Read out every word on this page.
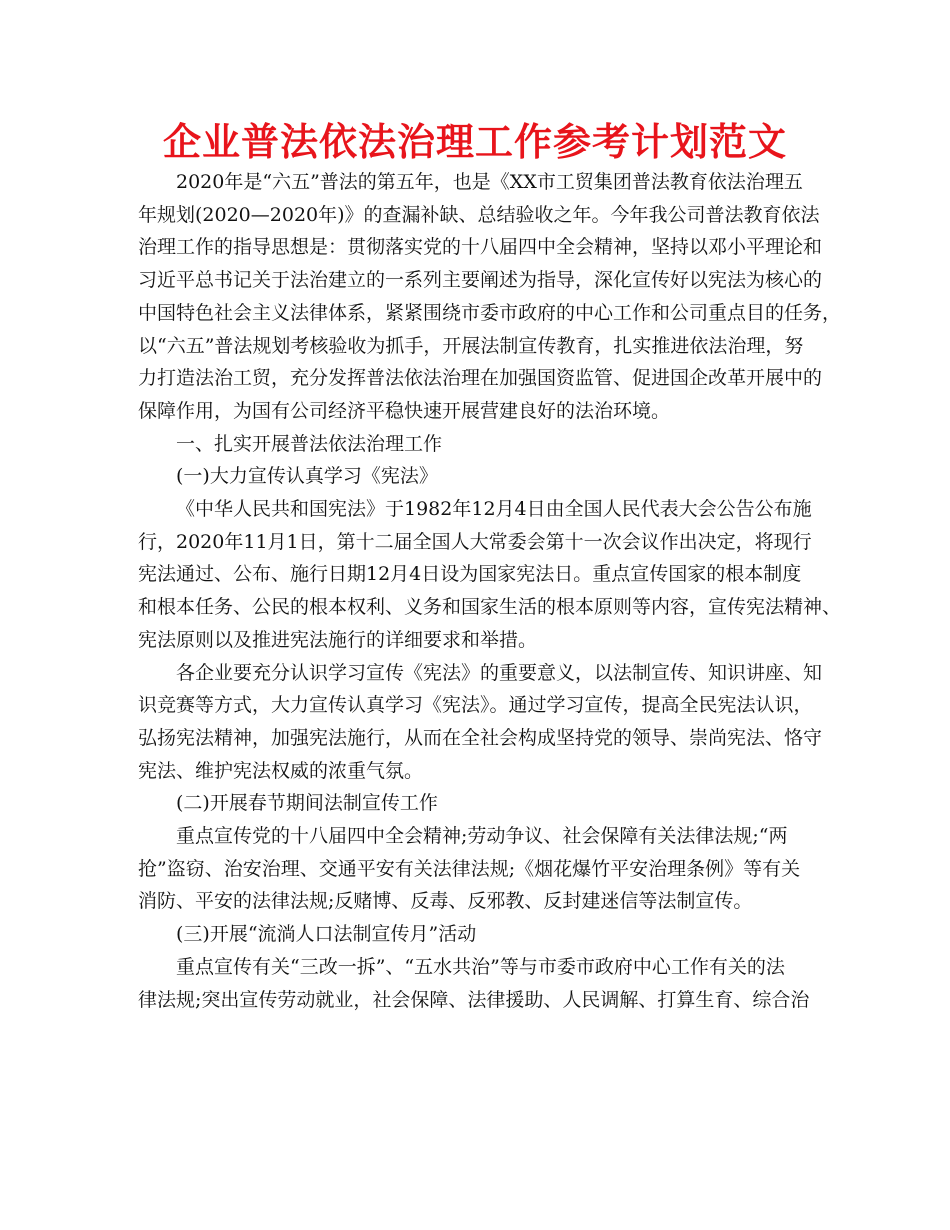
企业普法依法治理工作参考计划范文
2020年是“六五”普法的第五年，也是《XX市工贸集团普法教育依法治理五
年规划(2020—2020年)》的查漏补缺、总结验收之年。今年我公司普法教育依法
治理工作的指导思想是：贯彻落实党的十八届四中全会精神，坚持以邓小平理论和
习近平总书记关于法治建立的一系列主要阐述为指导，深化宣传好以宪法为核心的
中国特色社会主义法律体系，紧紧围绕市委市政府的中心工作和公司重点目的任务，
以“六五”普法规划考核验收为抓手，开展法制宣传教育，扎实推进依法治理，努
力打造法治工贸，充分发挥普法依法治理在加强国资监管、促进国企改革开展中的
保障作用，为国有公司经济平稳快速开展营建良好的法治环境。
一、扎实开展普法依法治理工作
(一)大力宣传认真学习《宪法》
《中华人民共和国宪法》于1982年12月4日由全国人民代表大会公告公布施
行，2020年11月1日，第十二届全国人大常委会第十一次会议作出决定，将现行
宪法通过、公布、施行日期12月4日设为国家宪法日。重点宣传国家的根本制度
和根本任务、公民的根本权利、义务和国家生活的根本原则等内容，宣传宪法精神、
宪法原则以及推进宪法施行的详细要求和举措。
各企业要充分认识学习宣传《宪法》的重要意义，以法制宣传、知识讲座、知
识竞赛等方式，大力宣传认真学习《宪法》。通过学习宣传，提高全民宪法认识，
弘扬宪法精神，加强宪法施行，从而在全社会构成坚持党的领导、崇尚宪法、恪守
宪法、维护宪法权威的浓重气氛。
(二)开展春节期间法制宣传工作
重点宣传党的十八届四中全会精神;劳动争议、社会保障有关法律法规;“两
抢”盗窃、治安治理、交通平安有关法律法规;《烟花爆竹平安治理条例》等有关
消防、平安的法律法规;反赌博、反毒、反邪教、反封建迷信等法制宣传。
(三)开展“流淌人口法制宣传月”活动
重点宣传有关“三改一拆”、“五水共治”等与市委市政府中心工作有关的法
律法规;突出宣传劳动就业，社会保障、法律援助、人民调解、打算生育、综合治
